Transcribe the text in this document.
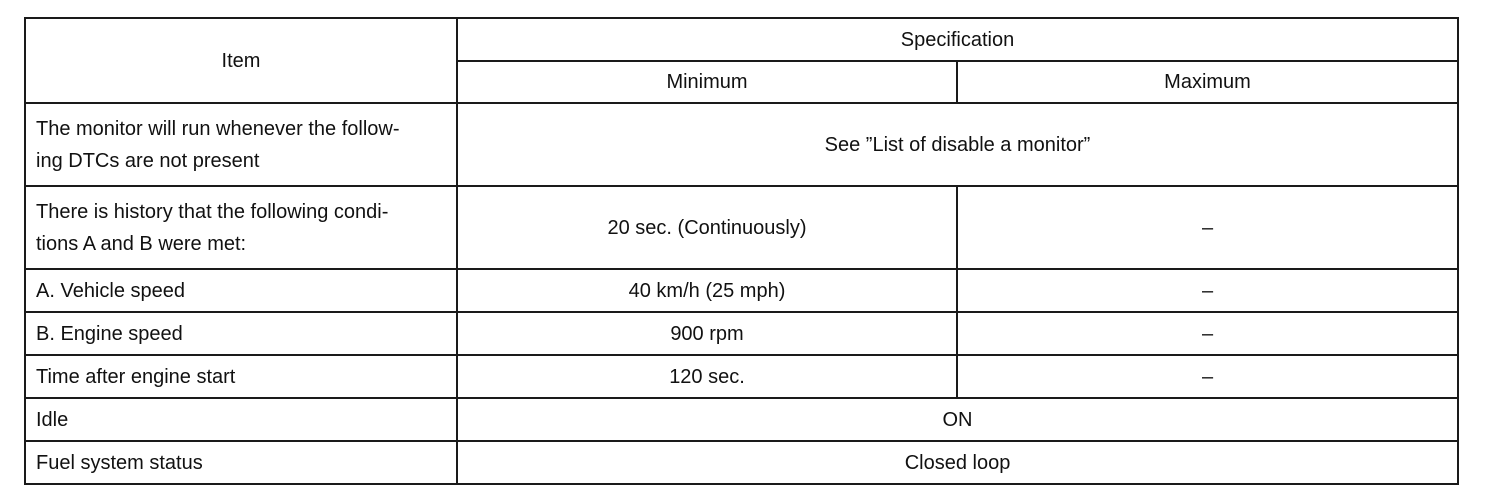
Item	Specification	
	Minimum	Maximum
The monitor will run whenever the follow-
ing DTCs are not present	See ”List of disable a monitor”	
There is history that the following condi-
tions A and B were met:	20 sec. (Continuously)	–
A. Vehicle speed	40 km/h (25 mph)	–
B. Engine speed	900 rpm	–
Time after engine start	120 sec.	–
Idle	ON	
Fuel system status	Closed loop	
